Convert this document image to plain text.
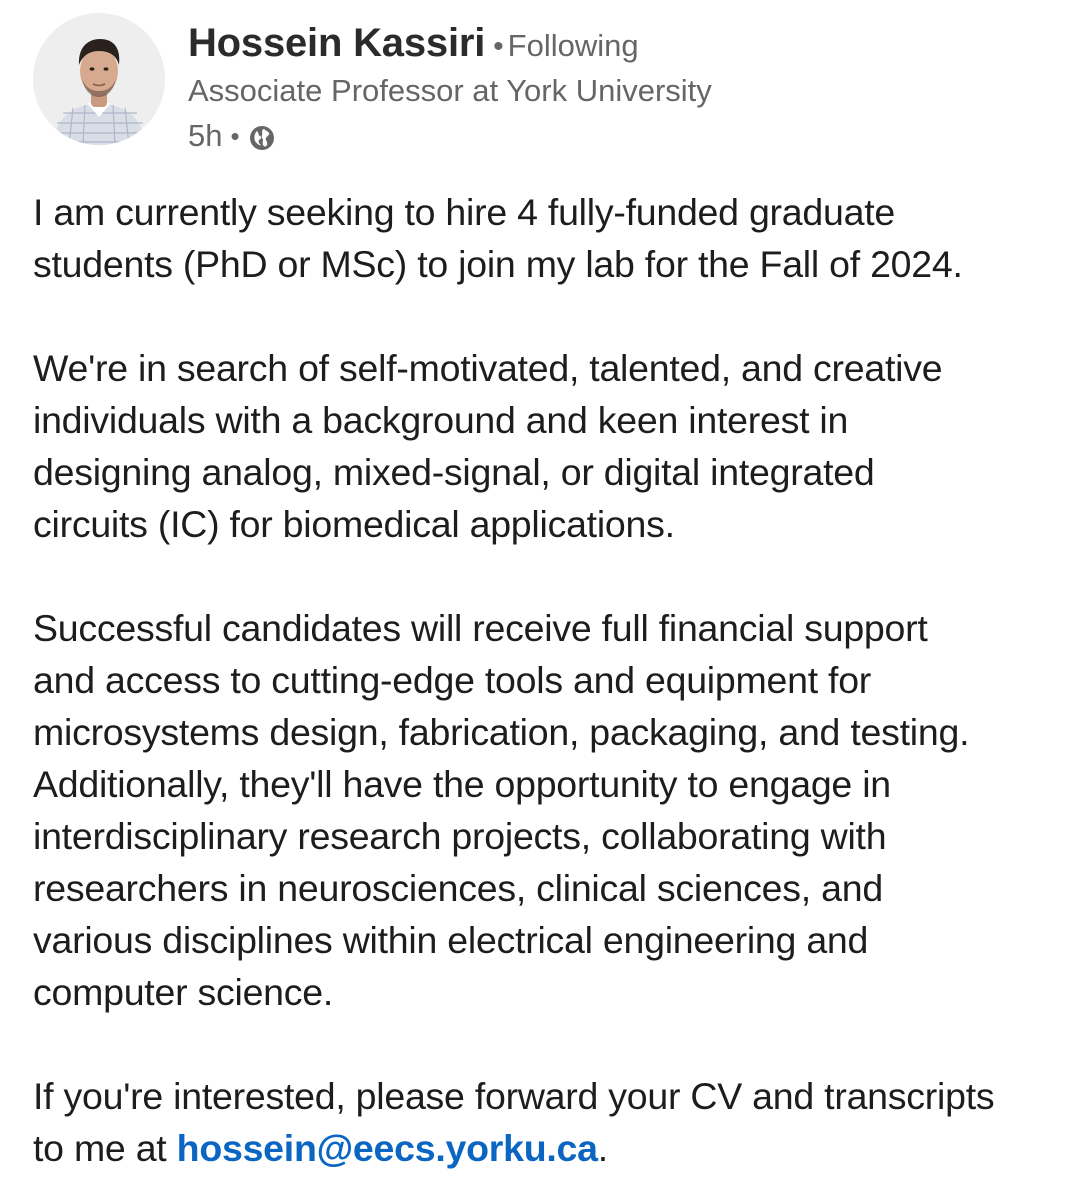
Hossein Kassiri • Following
Associate Professor at York University
5h •
I am currently seeking to hire 4 fully-funded graduate
students (PhD or MSc) to join my lab for the Fall of 2024.
We're in search of self-motivated, talented, and creative
individuals with a background and keen interest in
designing analog, mixed-signal, or digital integrated
circuits (IC) for biomedical applications.
Successful candidates will receive full financial support
and access to cutting-edge tools and equipment for
microsystems design, fabrication, packaging, and testing.
Additionally, they'll have the opportunity to engage in
interdisciplinary research projects, collaborating with
researchers in neurosciences, clinical sciences, and
various disciplines within electrical engineering and
computer science.
If you're interested, please forward your CV and transcripts
to me at hossein@eecs.yorku.ca.
